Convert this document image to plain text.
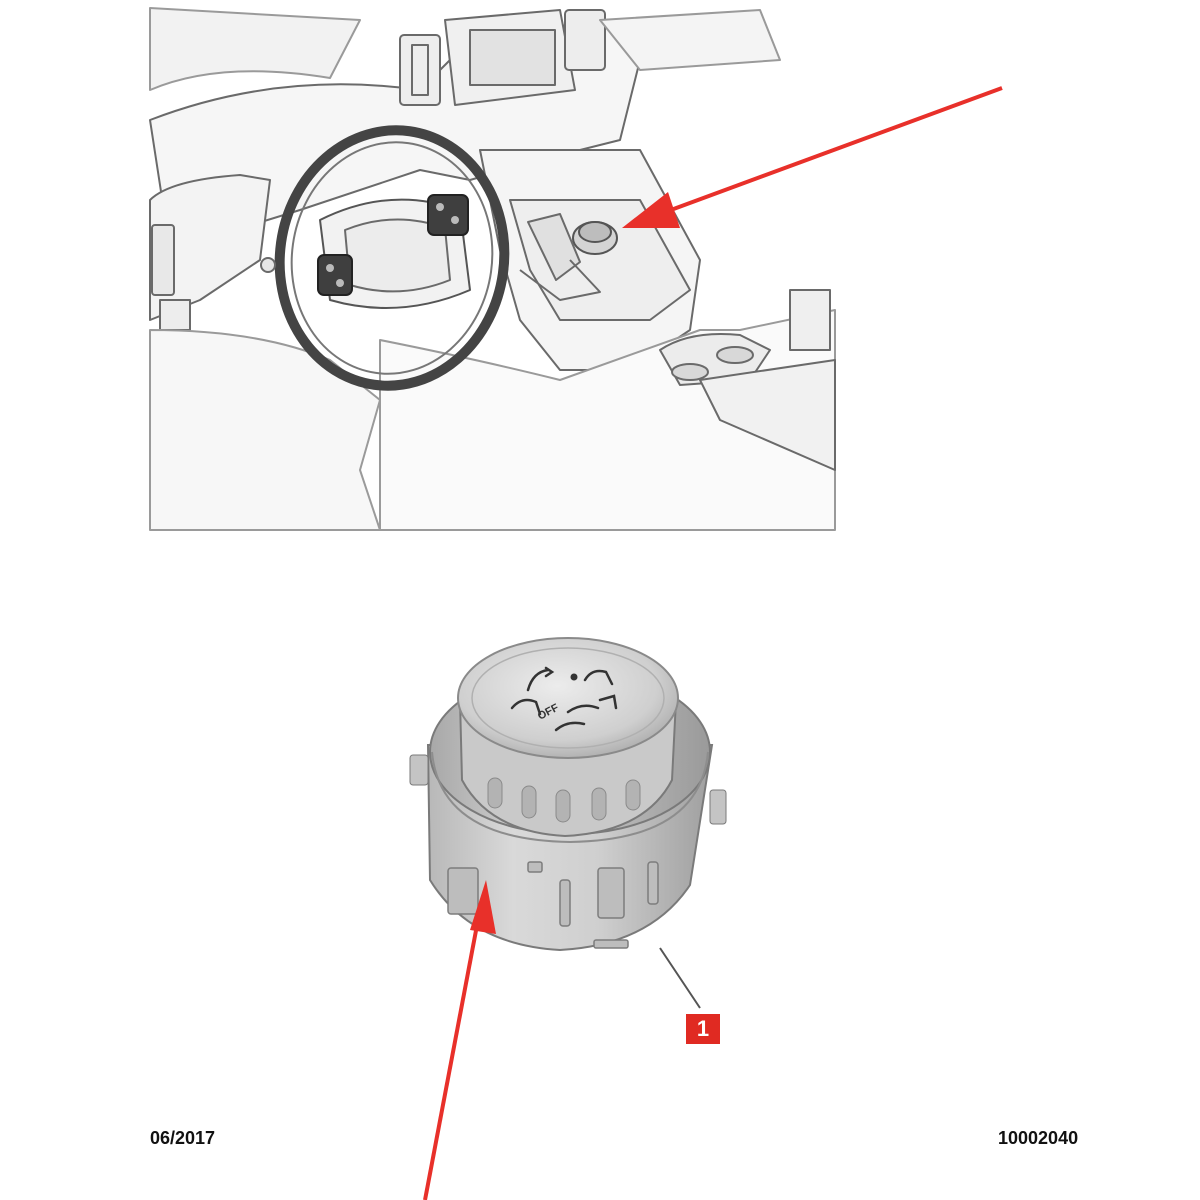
OFF
1
06/2017	10002040
